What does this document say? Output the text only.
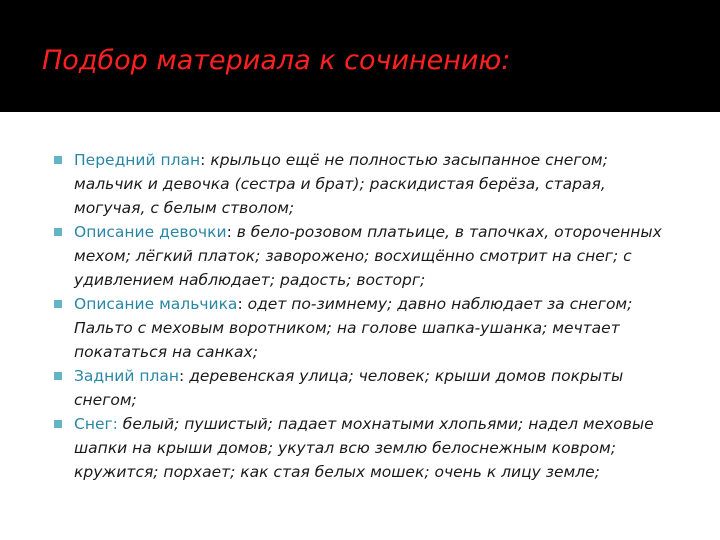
Подбор материала к сочинению:
Передний план: крыльцо ещё не полностью засыпанное снегом; мальчик и девочка (сестра и брат); раскидистая берёза, старая, могучая, с белым стволом;
Описание девочки: в бело-розовом платьице, в тапочках, отороченных мехом; лёгкий платок; заворожено; восхищённо смотрит на снег; с удивлением наблюдает; радость; восторг;
Описание мальчика: одет по-зимнему; давно наблюдает за снегом; Пальто с меховым воротником; на голове шапка-ушанка; мечтает покататься на санках;
Задний план: деревенская улица; человек; крыши домов покрыты снегом;
Снег: белый; пушистый; падает мохнатыми хлопьями; надел меховые шапки на крыши домов; укутал всю землю белоснежным ковром; кружится; порхает; как стая белых мошек; очень к лицу земле;
